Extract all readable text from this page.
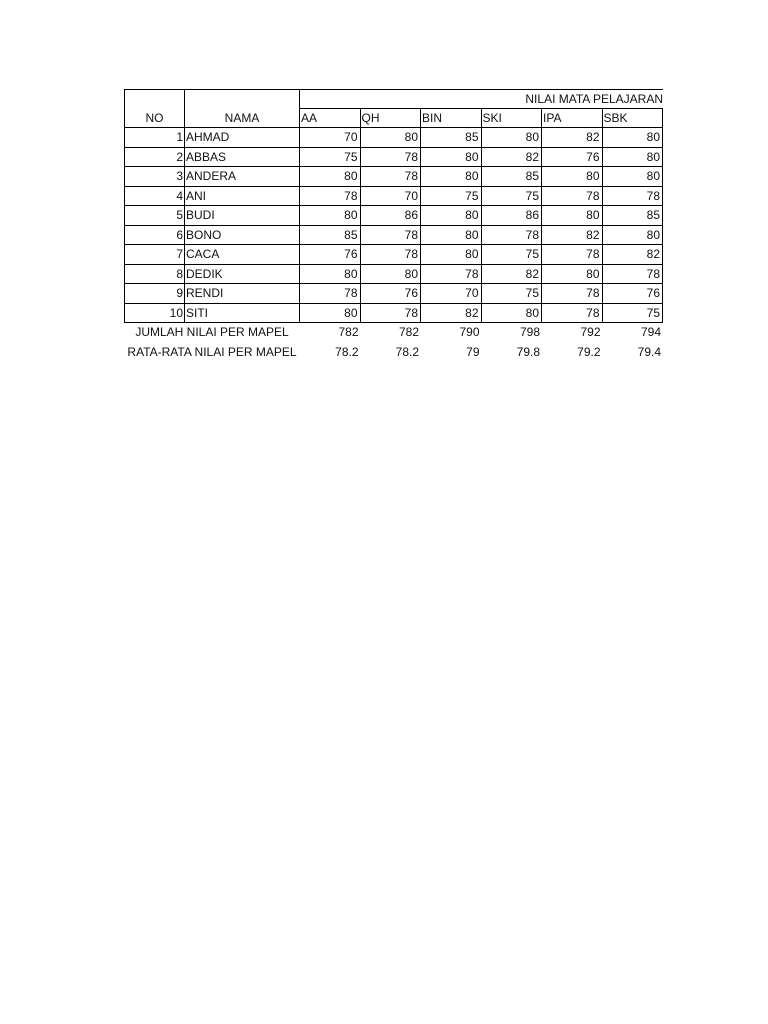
NO	NAMA
NILAI MATA PELAJARAN
AA	QH	BIN	SKI	IPA	SBK
1 AHMAD	70	80	85	80	82	80
2 ABBAS	75	78	80	82	76	80
3 ANDERA	80	78	80	85	80	80
4 ANI	78	70	75	75	78	78
5 BUDI	80	86	80	86	80	85
6 BONO	85	78	80	78	82	80
7 CACA	76	78	80	75	78	82
8 DEDIK	80	80	78	82	80	78
9 RENDI	78	76	70	75	78	76
10 SITI	80	78	82	80	78	75
JUMLAH NILAI PER MAPEL	782	782	790	798	792	794
RATA-RATA NILAI PER MAPEL	78.2	78.2	79	79.8	79.2	79.4
